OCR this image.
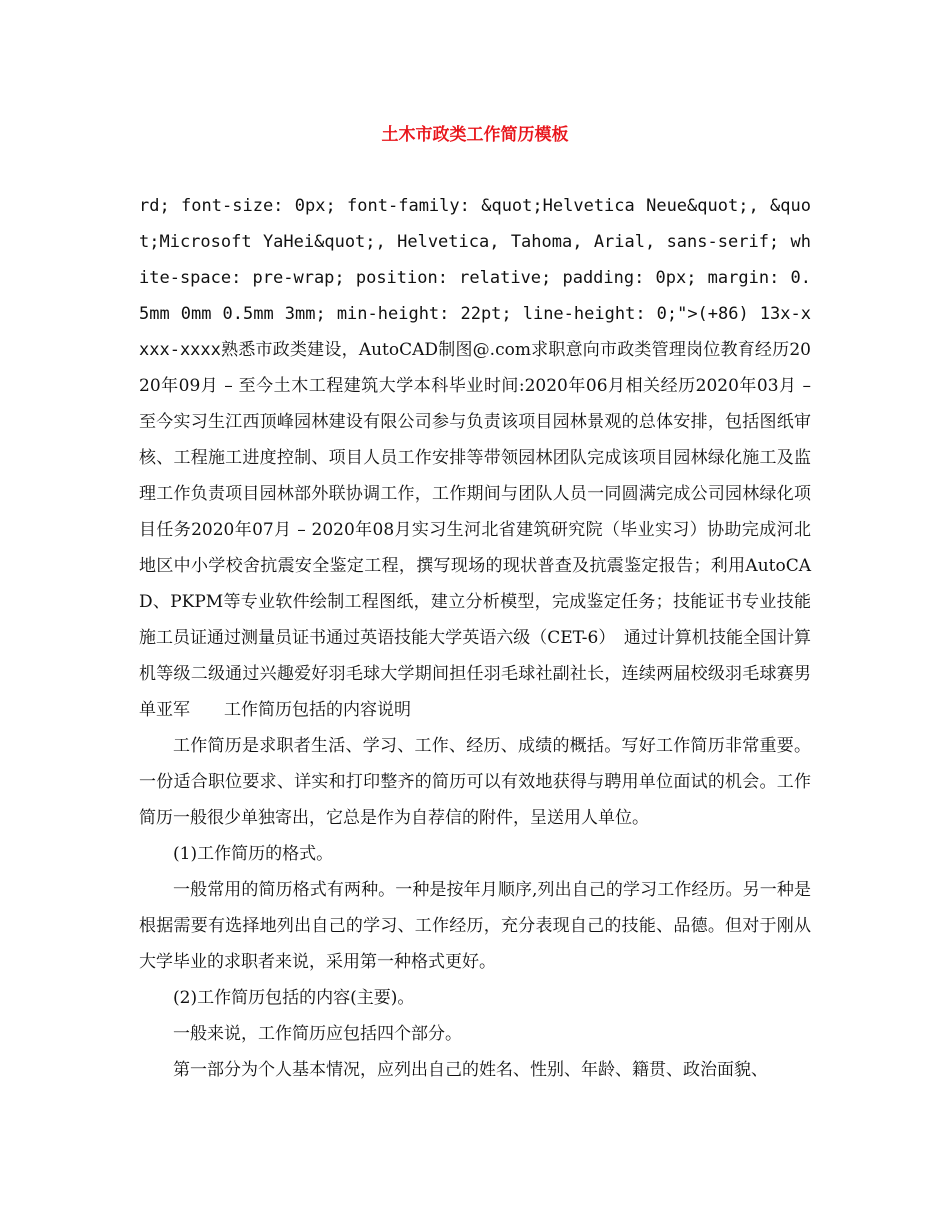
土木市政类工作简历模板

rd; font-size: 0px; font-family: &quot;Helvetica Neue&quot;, &quot;Microsoft YaHei&quot;, Helvetica, Tahoma, Arial, sans-serif; white-space: pre-wrap; position: relative; padding: 0px; margin: 0.5mm 0mm 0.5mm 3mm; min-height: 22pt; line-height: 0;">(+86) 13x-xxxx-xxxx熟悉市政类建设，AutoCAD制图@.com求职意向市政类管理岗位教育经历2020年09月 – 至今土木工程建筑大学本科毕业时间:2020年06月相关经历2020年03月 – 至今实习生江西顶峰园林建设有限公司参与负责该项目园林景观的总体安排，包括图纸审核、工程施工进度控制、项目人员工作安排等带领园林团队完成该项目园林绿化施工及监理工作负责项目园林部外联协调工作，工作期间与团队人员一同圆满完成公司园林绿化项目任务2020年07月 – 2020年08月实习生河北省建筑研究院（毕业实习）协助完成河北地区中小学校舍抗震安全鉴定工程，撰写现场的现状普查及抗震鉴定报告；利用AutoCAD、PKPM等专业软件绘制工程图纸，建立分析模型，完成鉴定任务；技能证书专业技能施工员证通过测量员证书通过英语技能大学英语六级（CET-6）　通过计算机技能全国计算机等级二级通过兴趣爱好羽毛球大学期间担任羽毛球社副社长，连续两届校级羽毛球赛男单亚军　　工作简历包括的内容说明

工作简历是求职者生活、学习、工作、经历、成绩的概括。写好工作简历非常重要。一份适合职位要求、详实和打印整齐的简历可以有效地获得与聘用单位面试的机会。工作简历一般很少单独寄出，它总是作为自荐信的附件，呈送用人单位。

(1)工作简历的格式。

一般常用的简历格式有两种。一种是按年月顺序,列出自己的学习工作经历。另一种是根据需要有选择地列出自己的学习、工作经历，充分表现自己的技能、品德。但对于刚从大学毕业的求职者来说，采用第一种格式更好。

(2)工作简历包括的内容(主要)。

一般来说，工作简历应包括四个部分。

第一部分为个人基本情况，应列出自己的姓名、性别、年龄、籍贯、政治面貌、
